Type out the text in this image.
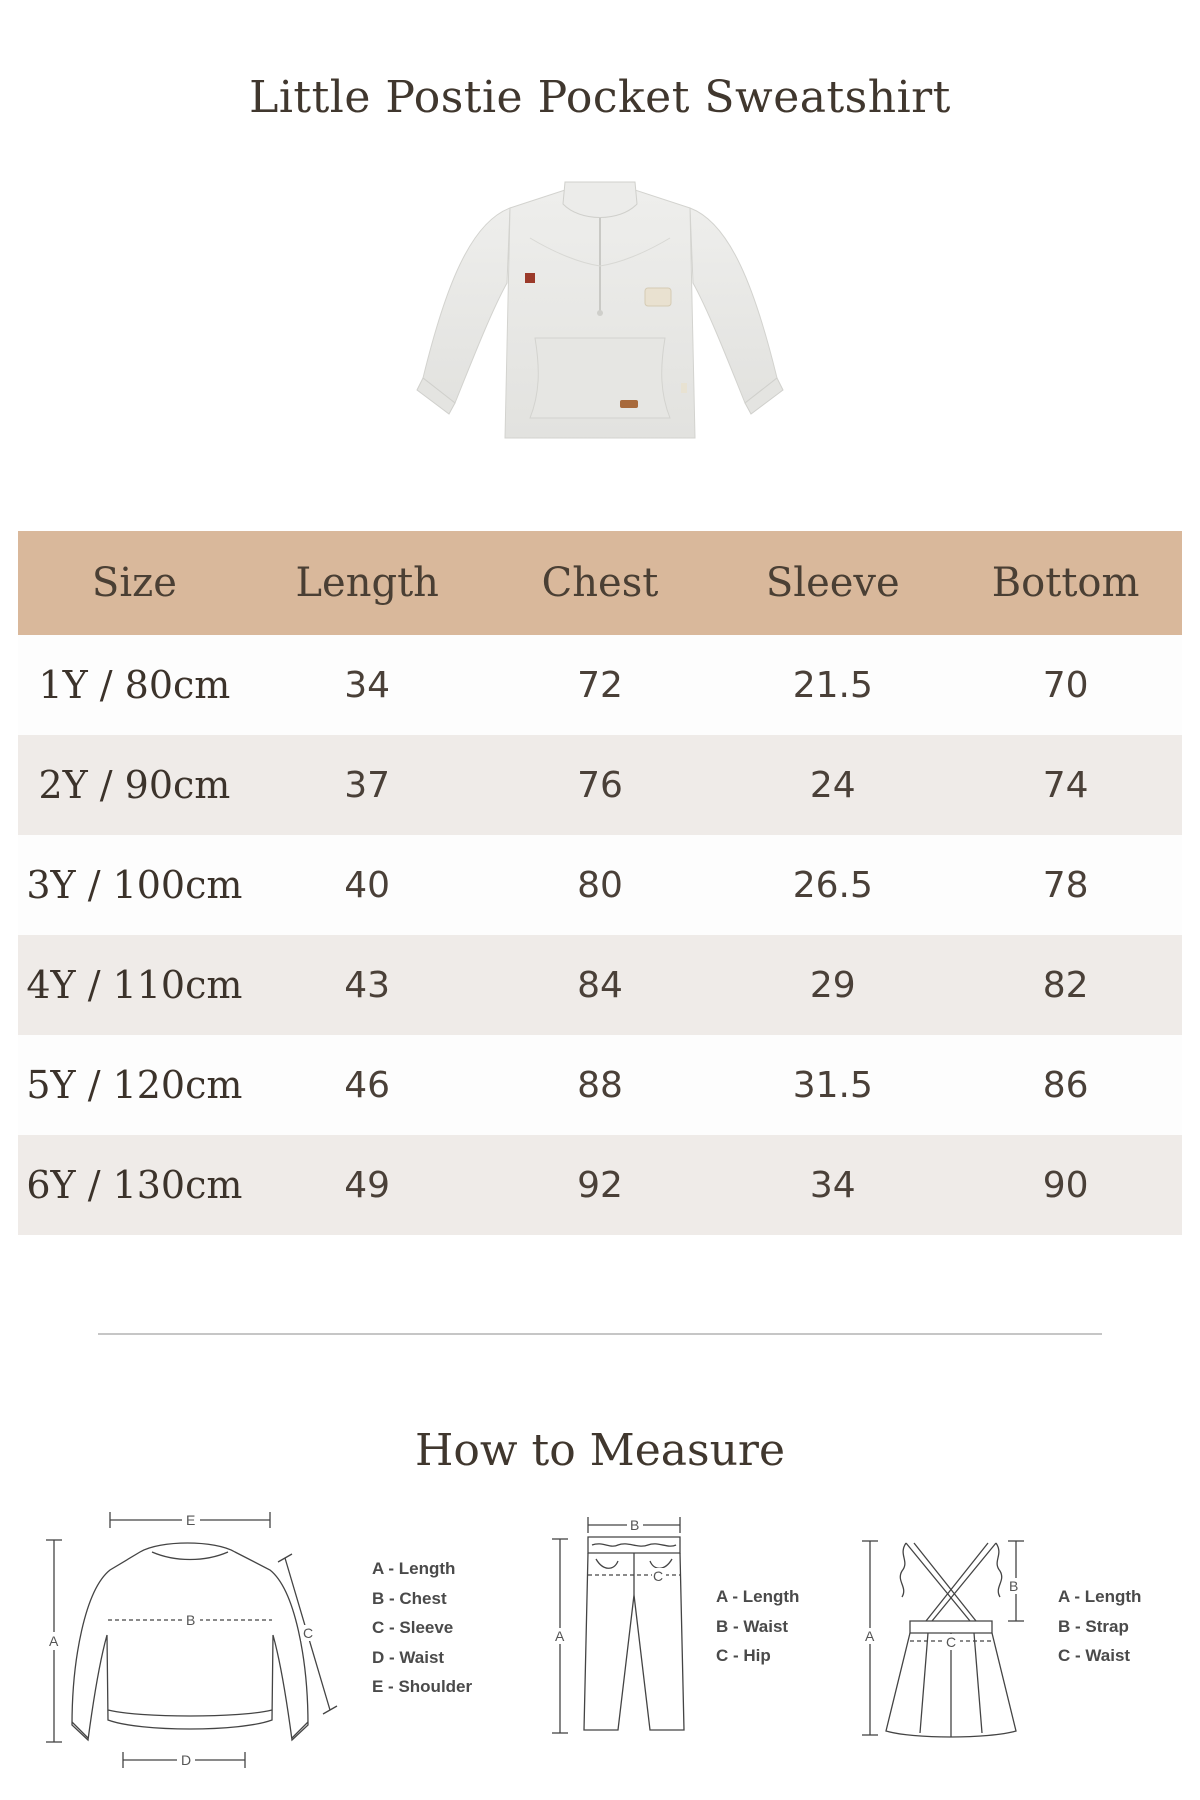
Little Postie Pocket Sweatshirt
Size	Length	Chest	Sleeve	Bottom
1Y / 80cm	34	72	21.5	70
2Y / 90cm	37	76	24	74
3Y / 100cm	40	80	26.5	78
4Y / 110cm	43	84	29	82
5Y / 120cm	46	88	31.5	86
6Y / 130cm	49	92	34	90
How to Measure
A
E
B
C
D
A - Length
B - Chest
C - Sleeve
D - Waist
E - Shoulder
B
A
C
A - Length
B - Waist
C - Hip
A
B
C
A - Length
B - Strap
C - Waist
